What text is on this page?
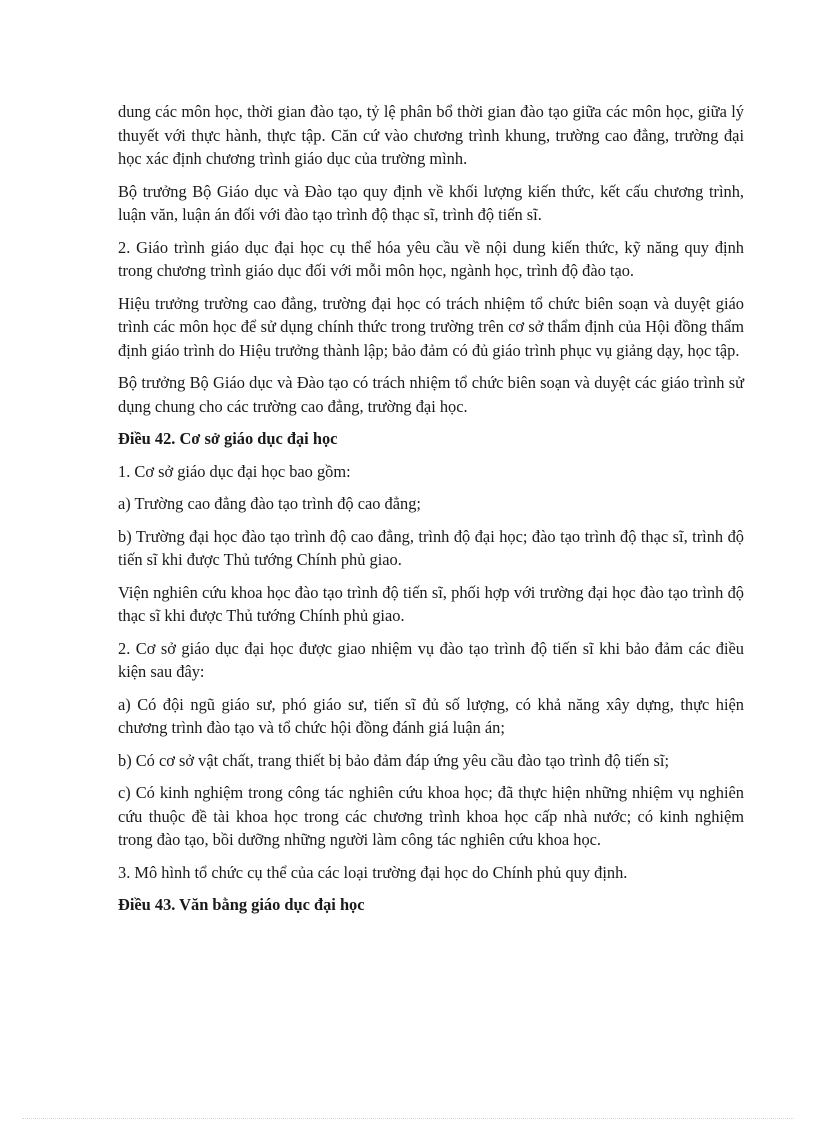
dung các môn học, thời gian đào tạo, tỷ lệ phân bổ thời gian đào tạo giữa các môn học, giữa lý thuyết với thực hành, thực tập. Căn cứ vào chương trình khung, trường cao đẳng, trường đại học xác định chương trình giáo dục của trường mình.

Bộ trưởng Bộ Giáo dục và Đào tạo quy định về khối lượng kiến thức, kết cấu chương trình, luận văn, luận án đối với đào tạo trình độ thạc sĩ, trình độ tiến sĩ.

2. Giáo trình giáo dục đại học cụ thể hóa yêu cầu về nội dung kiến thức, kỹ năng quy định trong chương trình giáo dục đối với mỗi môn học, ngành học, trình độ đào tạo.

Hiệu trưởng trường cao đẳng, trường đại học có trách nhiệm tổ chức biên soạn và duyệt giáo trình các môn học để sử dụng chính thức trong trường trên cơ sở thẩm định của Hội đồng thẩm định giáo trình do Hiệu trưởng thành lập; bảo đảm có đủ giáo trình phục vụ giảng dạy, học tập.

Bộ trưởng Bộ Giáo dục và Đào tạo có trách nhiệm tổ chức biên soạn và duyệt các giáo trình sử dụng chung cho các trường cao đẳng, trường đại học.

Điều 42. Cơ sở giáo dục đại học

1. Cơ sở giáo dục đại học bao gồm:

a) Trường cao đẳng đào tạo trình độ cao đẳng;

b) Trường đại học đào tạo trình độ cao đẳng, trình độ đại học; đào tạo trình độ thạc sĩ, trình độ tiến sĩ khi được Thủ tướng Chính phủ giao.

Viện nghiên cứu khoa học đào tạo trình độ tiến sĩ, phối hợp với trường đại học đào tạo trình độ thạc sĩ khi được Thủ tướng Chính phủ giao.

2. Cơ sở giáo dục đại học được giao nhiệm vụ đào tạo trình độ tiến sĩ khi bảo đảm các điều kiện sau đây:

a) Có đội ngũ giáo sư, phó giáo sư, tiến sĩ đủ số lượng, có khả năng xây dựng, thực hiện chương trình đào tạo và tổ chức hội đồng đánh giá luận án;

b) Có cơ sở vật chất, trang thiết bị bảo đảm đáp ứng yêu cầu đào tạo trình độ tiến sĩ;

c) Có kinh nghiệm trong công tác nghiên cứu khoa học; đã thực hiện những nhiệm vụ nghiên cứu thuộc đề tài khoa học trong các chương trình khoa học cấp nhà nước; có kinh nghiệm trong đào tạo, bồi dưỡng những người làm công tác nghiên cứu khoa học.

3. Mô hình tổ chức cụ thể của các loại trường đại học do Chính phủ quy định.

Điều 43. Văn bằng giáo dục đại học
